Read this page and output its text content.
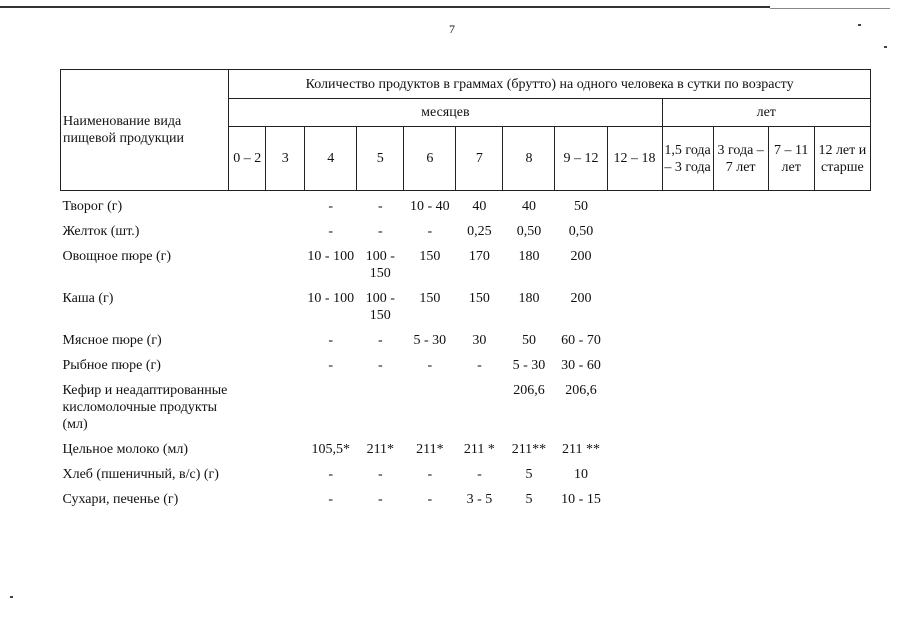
7
Наименование вида пищевой продукции	Количество продуктов в граммах (брутто) на одного человека в сутки по возрасту												
	месяцев									лет			
	0 – 2	3	4	5	6	7	8	9 – 12	12 – 18	1,5 года – 3 года	3 года – 7 лет	7 – 11 лет	12 лет и старше
Творог (г)			-	-	10 - 40	40	40	50					
Желток (шт.)			-	-	-	0,25	0,50	0,50					
Овощное пюре (г)			10 - 100	100 - 150	150	170	180	200					
Каша (г)			10 - 100	100 - 150	150	150	180	200					
Мясное пюре (г)			-	-	5 - 30	30	50	60 - 70					
Рыбное пюре (г)			-	-	-	-	5 - 30	30 - 60					
Кефир и неадаптированные кисломолочные продукты (мл)							206,6	206,6					
Цельное молоко (мл)			105,5*	211*	211*	211 *	211**	211 **					
Хлеб (пшеничный, в/с) (г)			-	-	-	-	5	10					
Сухари, печенье (г)			-	-	-	3 - 5	5	10 - 15					
